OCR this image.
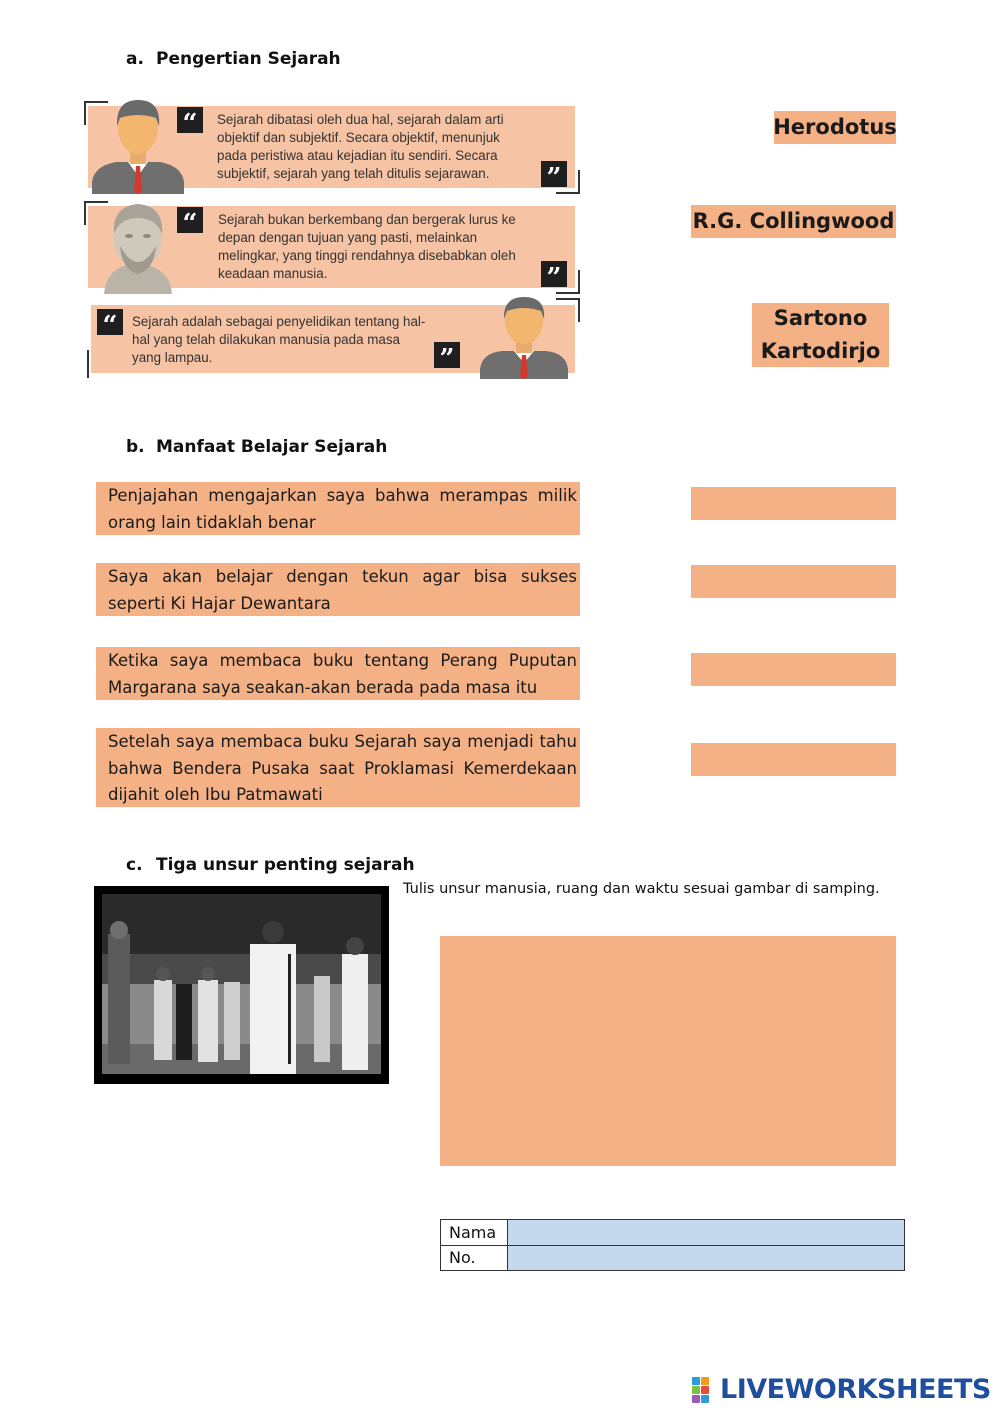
a. Pengertian Sejarah
“	Sejarah dibatasi oleh dua hal, sejarah dalam arti objektif dan subjektif. Secara objektif, menunjuk pada peristiwa atau kejadian itu sendiri. Secara subjektif, sejarah yang telah ditulis sejarawan.	”
“	Sejarah bukan berkembang dan bergerak lurus ke depan dengan tujuan yang pasti, melainkan melingkar, yang tinggi rendahnya disebabkan oleh keadaan manusia.	”
“	Sejarah adalah sebagai penyelidikan tentang hal-hal yang telah dilakukan manusia pada masa yang lampau.	”
Herodotus
R.G. Collingwood
Sartono Kartodirjo
b. Manfaat Belajar Sejarah
Penjajahan mengajarkan saya bahwa merampas milik orang lain tidaklah benar
Saya akan belajar dengan tekun agar bisa sukses seperti Ki Hajar Dewantara
Ketika saya membaca buku tentang Perang Puputan Margarana saya seakan-akan berada pada masa itu
Setelah saya membaca buku Sejarah saya menjadi tahu bahwa Bendera Pusaka saat Proklamasi Kemerdekaan dijahit oleh Ibu Patmawati
c. Tiga unsur penting sejarah
Tulis unsur manusia, ruang dan waktu sesuai gambar di samping.
Nama	
No.	
LIVEWORKSHEETS
